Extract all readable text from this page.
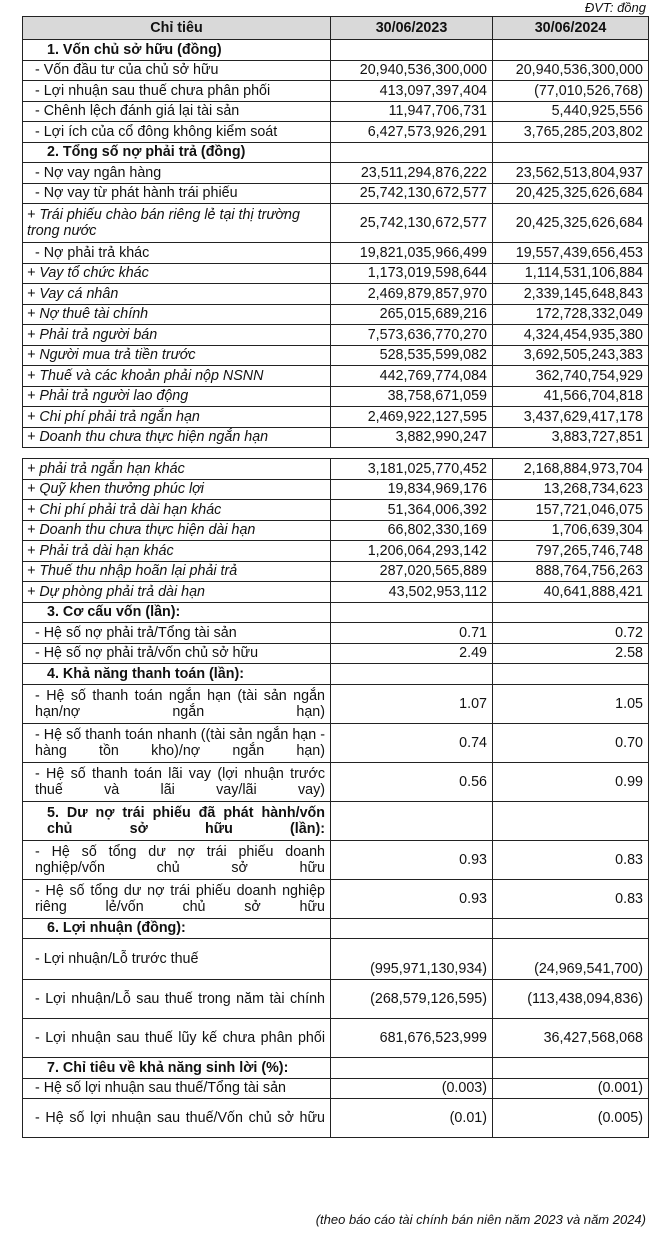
ĐVT: đồng
Chỉ tiêu	30/06/2023	30/06/2024
1. Vốn chủ sở hữu (đồng)		
- Vốn đầu tư của chủ sở hữu	20,940,536,300,000	20,940,536,300,000
- Lợi nhuận sau thuế chưa phân phối	413,097,397,404	(77,010,526,768)
- Chênh lệch đánh giá lại tài sản	11,947,706,731	5,440,925,556
- Lợi ích của cổ đông không kiểm soát	6,427,573,926,291	3,765,285,203,802
2. Tổng số nợ phải trả (đồng)		
- Nợ vay ngân hàng	23,511,294,876,222	23,562,513,804,937
- Nợ vay từ phát hành trái phiếu	25,742,130,672,577	20,425,325,626,684
+ Trái phiếu chào bán riêng lẻ tại thị trường trong nước	25,742,130,672,577	20,425,325,626,684
- Nợ phải trả khác	19,821,035,966,499	19,557,439,656,453
+ Vay tổ chức khác	1,173,019,598,644	1,114,531,106,884
+ Vay cá nhân	2,469,879,857,970	2,339,145,648,843
+ Nợ thuê tài chính	265,015,689,216	172,728,332,049
+ Phải trả người bán	7,573,636,770,270	4,324,454,935,380
+ Người mua trả tiền trước	528,535,599,082	3,692,505,243,383
+ Thuế và các khoản phải nộp NSNN	442,769,774,084	362,740,754,929
+ Phải trả người lao động	38,758,671,059	41,566,704,818
+ Chi phí phải trả ngắn hạn	2,469,922,127,595	3,437,629,417,178
+ Doanh thu chưa thực hiện ngắn hạn	3,882,990,247	3,883,727,851

+ phải trả ngắn hạn khác	3,181,025,770,452	2,168,884,973,704
+ Quỹ khen thưởng phúc lợi	19,834,969,176	13,268,734,623
+ Chi phí phải trả dài hạn khác	51,364,006,392	157,721,046,075
+ Doanh thu chưa thực hiện dài hạn	66,802,330,169	1,706,639,304
+ Phải trả dài hạn khác	1,206,064,293,142	797,265,746,748
+ Thuế thu nhập hoãn lại phải trả	287,020,565,889	888,764,756,263
+ Dự phòng phải trả dài hạn	43,502,953,112	40,641,888,421
3. Cơ cấu vốn (lần):		
- Hệ số nợ phải trả/Tổng tài sản	0.71	0.72
- Hệ số nợ phải trả/vốn chủ sở hữu	2.49	2.58
4. Khả năng thanh toán (lần):		
- Hệ số thanh toán ngắn hạn (tài sản ngắn hạn/nợ ngắn hạn)	1.07	1.05
- Hệ số thanh toán nhanh ((tài sản ngắn hạn - hàng tồn kho)/nợ ngắn hạn)	0.74	0.70
- Hệ số thanh toán lãi vay (lợi nhuận trước thuế và lãi vay/lãi vay)	0.56	0.99
5. Dư nợ trái phiếu đã phát hành/vốn chủ sở hữu (lần):		
- Hệ số tổng dư nợ trái phiếu doanh nghiệp/vốn chủ sở hữu	0.93	0.83
- Hệ số tổng dư nợ trái phiếu doanh nghiệp riêng lẻ/vốn chủ sở hữu	0.93	0.83
6. Lợi nhuận (đồng):		
- Lợi nhuận/Lỗ trước thuế	(995,971,130,934)	(24,969,541,700)
- Lợi nhuận/Lỗ sau thuế trong năm tài chính	(268,579,126,595)	(113,438,094,836)
- Lợi nhuận sau thuế lũy kế chưa phân phối	681,676,523,999	36,427,568,068
7. Chỉ tiêu về khả năng sinh lời (%):		
- Hệ số lợi nhuận sau thuế/Tổng tài sản	(0.003)	(0.001)
- Hệ số lợi nhuận sau thuế/Vốn chủ sở hữu	(0.01)	(0.005)
(theo báo cáo tài chính bán niên năm 2023 và năm 2024)
